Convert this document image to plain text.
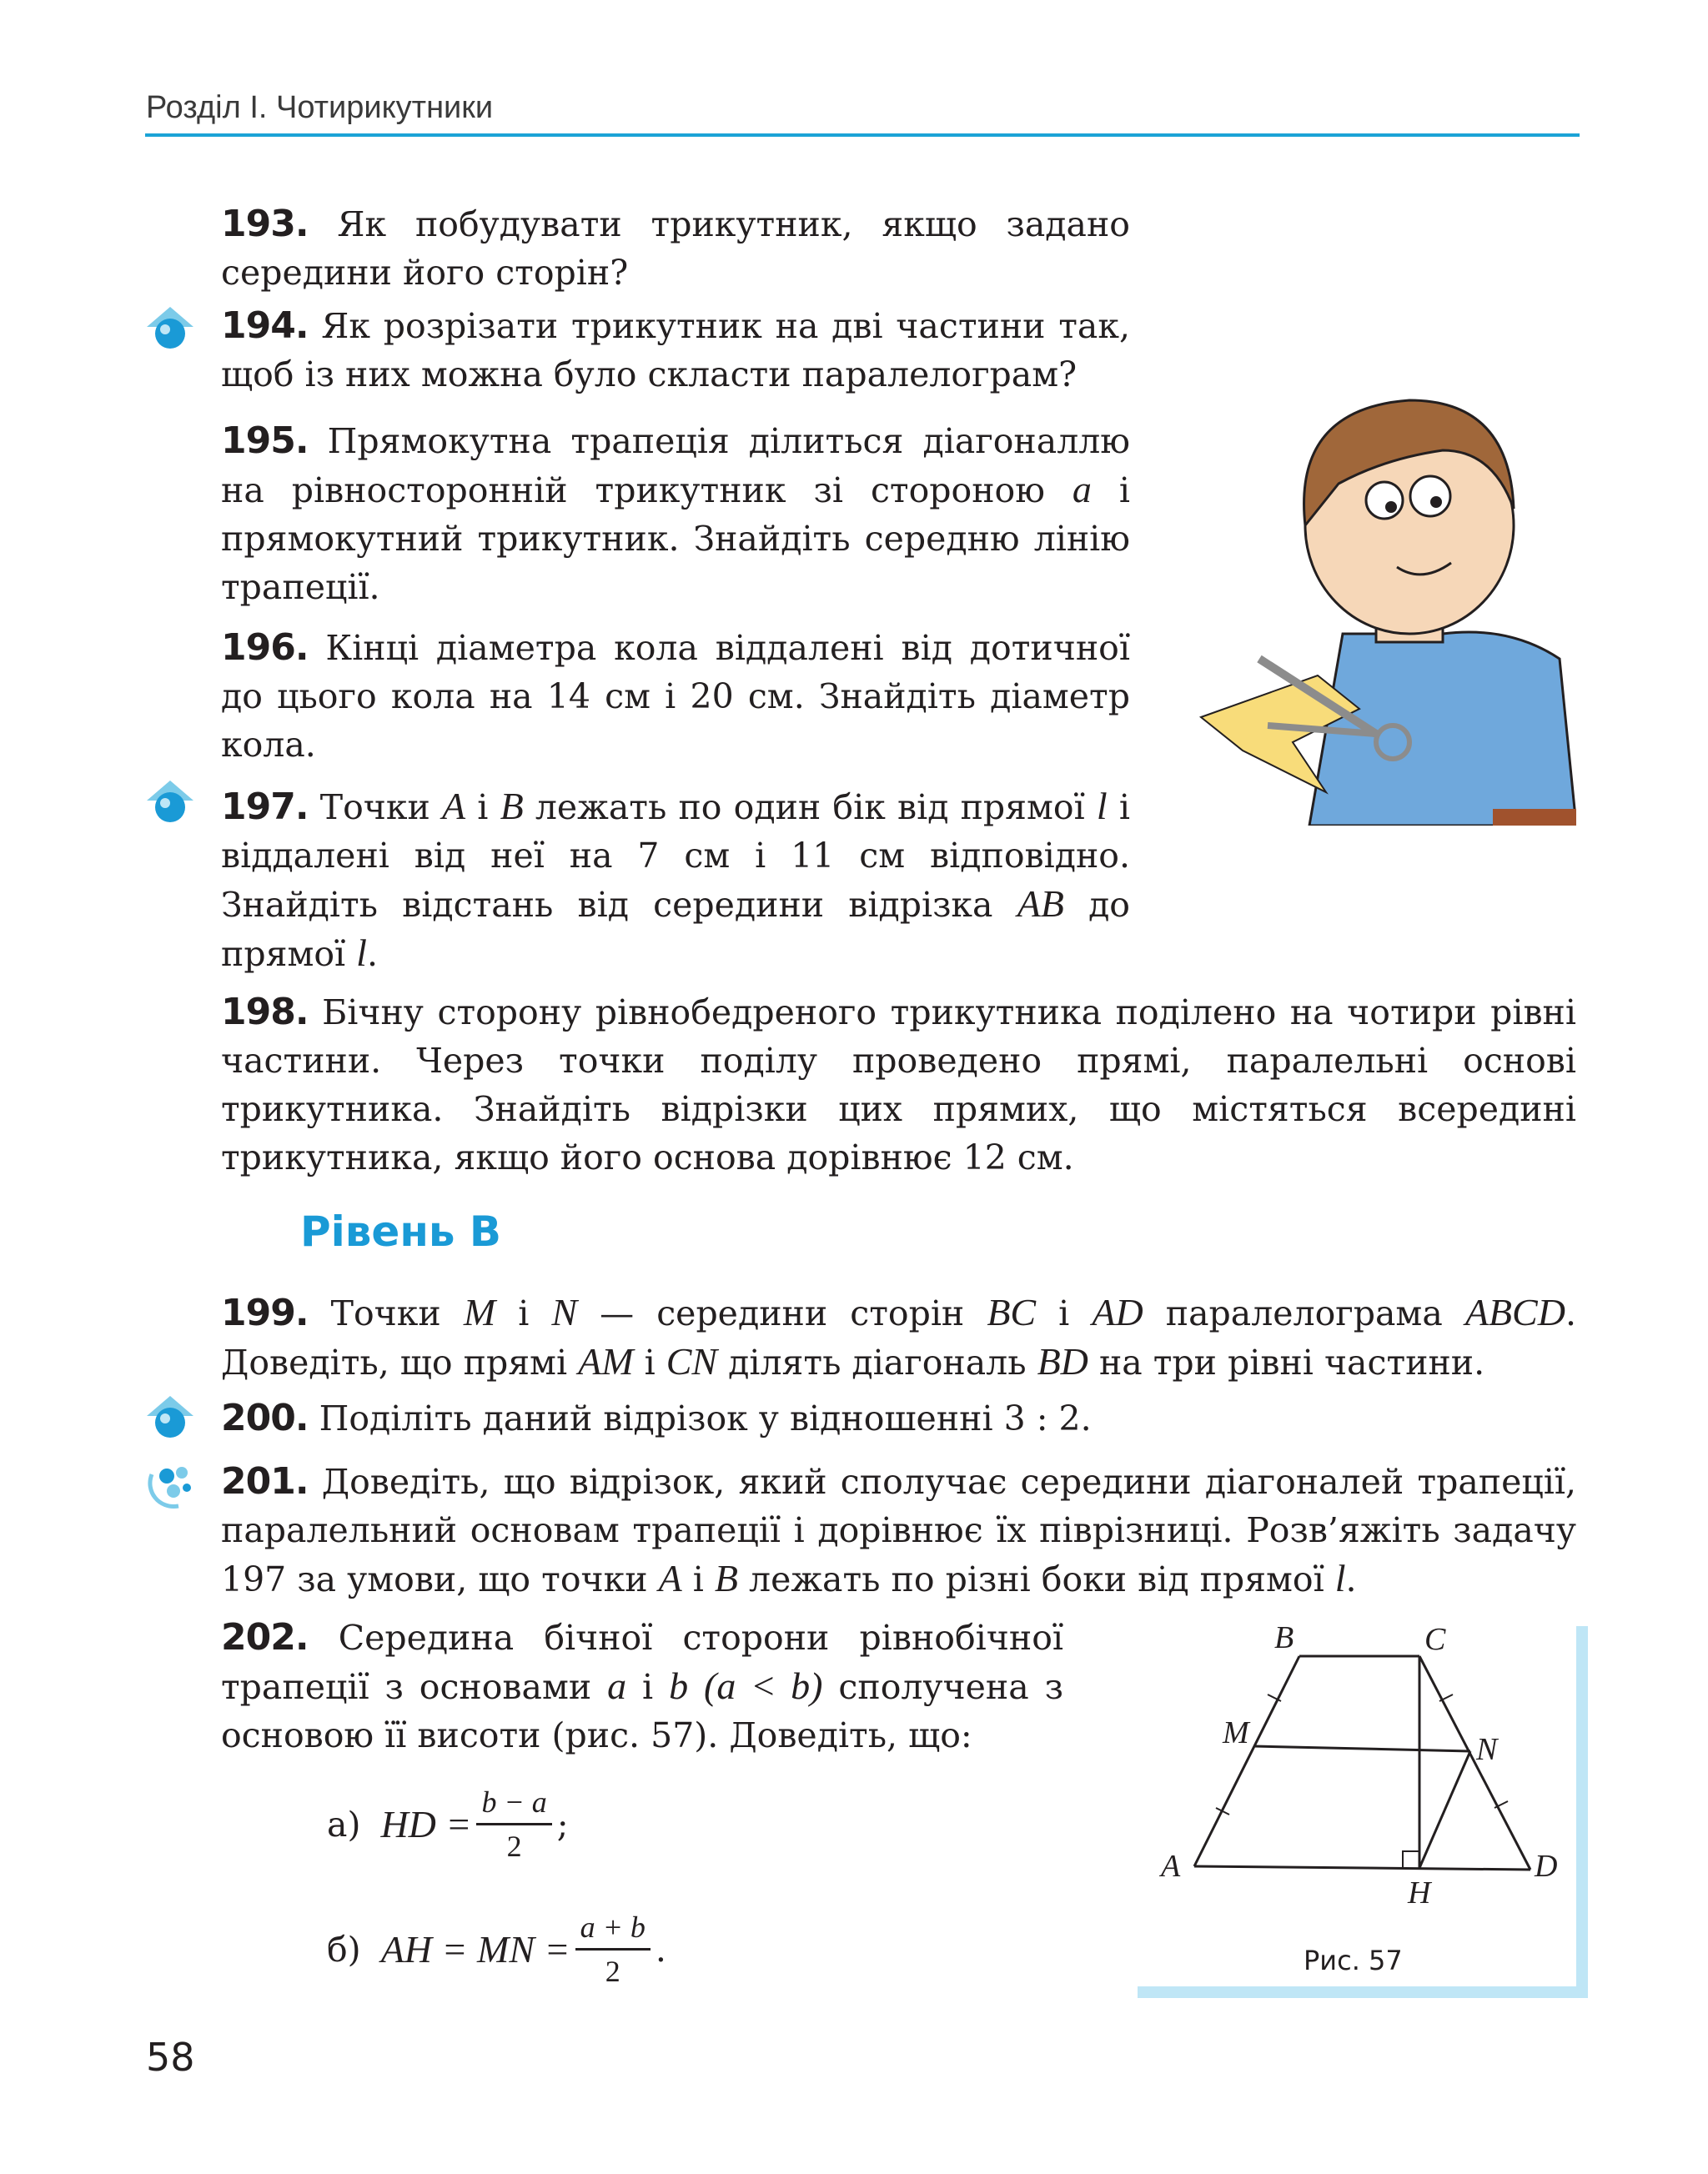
Розділ І. Чотирикутники

193. Як побудувати трикутник, якщо задано середини його сторін?

194. Як розрізати трикутник на дві частини так, щоб із них можна було скласти паралелограм?

195. Прямокутна трапеція ділиться діагоналлю на рівносторонній трикутник зі стороною a і прямокутний трикутник. Знайдіть середню лінію трапеції.

196. Кінці діаметра кола віддалені від дотичної до цього кола на 14 см і 20 см. Знайдіть діаметр кола.

197. Точки A і B лежать по один бік від прямої l і віддалені від неї на 7 см і 11 см відповідно. Знайдіть відстань від середини відрізка AB до прямої l.

198. Бічну сторону рівнобедреного трикутника поділено на чотири рівні частини. Через точки поділу проведено прямі, паралельні основі трикутника. Знайдіть відрізки цих прямих, що містяться всередині трикутника, якщо його основа дорівнює 12 см.

Рівень В

199. Точки M і N — середини сторін BC і AD паралелограма ABCD. Доведіть, що прямі AM і CN ділять діагональ BD на три рівні частини.

200. Поділіть даний відрізок у відношенні 3 : 2.

201. Доведіть, що відрізок, який сполучає середини діагоналей трапеції, паралельний основам трапеції і дорівнює їх піврізниці. Розв’яжіть задачу 197 за умови, що точки A і B лежать по різні боки від прямої l.

202. Середина бічної сторони рівнобічної трапеції з основами a і b (a < b) сполучена з основою її висоти (рис. 57). Доведіть, що:

а) HD = $\frac{b - a}{2}$ ;
б) AH = MN = $\frac{a + b}{2}$ .
B	C
M	N
A	D
H
Рис. 57
58
